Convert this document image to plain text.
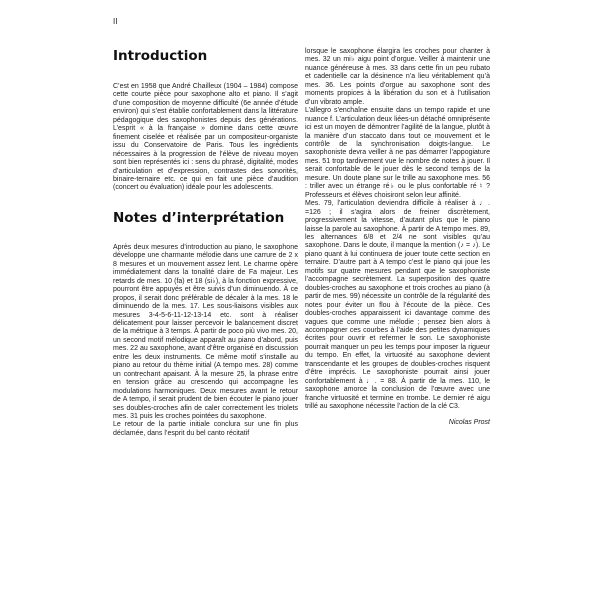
II
Introduction

C’est en 1958 que André Chailleux (1904 – 1984) compose cette courte pièce pour saxophone alto et piano. Il s’agit d’une composition de moyenne difficulté (6e année d’étude environ) qui s’est établie confortablement dans la littérature pédagogique des saxophonistes depuis des générations. L’esprit « à la française » domine dans cette œuvre finement ciselée et réalisée par un compositeur-organiste issu du Conservatoire de Paris. Tous les ingrédients nécessaires à la progression de l’élève de niveau moyen sont bien représentés ici : sens du phrasé, digitalité, modes d’articulation et d’expression, contrastes des sonorités, binaire-ternaire etc. ce qui en fait une pièce d’audition (concert ou évaluation) idéale pour les adolescents.

Notes d’interprétation

Après deux mesures d’introduction au piano, le saxophone développe une charmante mélodie dans une carrure de 2 x 8 mesures et un mouvement assez lent. Le charme opère immédiatement dans la tonalité claire de Fa majeur. Les retards de mes. 10 (fa) et 18 (si♭), à la fonction expressive, pourront être appuyés et être suivis d’un diminuendo. À ce propos, il serait donc préférable de décaler à la mes. 18 le diminuendo de la mes. 17. Les sous-liaisons visibles aux mesures 3-4-5-6-11-12-13-14 etc. sont à réaliser délicatement pour laisser percevoir le balancement discret de la métrique à 3 temps. À partir de poco più vivo mes. 20, un second motif mélodique apparaît au piano d’abord, puis mes. 22 au saxophone, avant d’être organisé en discussion entre les deux instruments. Ce même motif s’installe au piano au retour du thème initial (A tempo mes. 28) comme un contrechant apaisant. À la mesure 25, la phrase entre en tension grâce au crescendo qui accompagne les modulations harmoniques. Deux mesures avant le retour de A tempo, il serait prudent de bien écouter le piano jouer ses doubles-croches afin de caler correctement les triolets mes. 31 puis les croches pointées du saxophone.

Le retour de la partie initiale conclura sur une fin plus déclamée, dans l’esprit du bel canto récitatif

lorsque le saxophone élargira les croches pour chanter à mes. 32 un mi♭ aigu point d’orgue. Veiller à maintenir une nuance généreuse à mes. 33 dans cette fin un peu rubato et cadentielle car la désinence n’a lieu véritablement qu’à mes. 36. Les points d’orgue au saxophone sont des moments propices à la libération du son et à l’utilisation d’un vibrato ample.

L’allegro s’enchaîne ensuite dans un tempo rapide et une nuance f. L’articulation deux liées-un détaché omniprésente ici est un moyen de démontrer l’agilité de la langue, plutôt à la manière d’un staccato dans tout ce mouvement et le contrôle de la synchronisation doigts-langue. Le saxophoniste devra veiller à ne pas démarrer l’appogiature mes. 51 trop tardivement vue le nombre de notes à jouer. Il serait confortable de le jouer dès le second temps de la mesure. Un doute plane sur le trille au saxophone mes. 56 : triller avec un étrange ré♭ ou le plus confortable ré ♮ ? Professeurs et élèves choisiront selon leur affinité.

Mes. 79, l’articulation deviendra difficile à réaliser à ♩. =126 ; il s’agira alors de freiner discrètement, progressivement la vitesse, d’autant plus que le piano laisse la parole au saxophone. À partir de A tempo mes. 89, les alternances 6/8 et 2/4 ne sont visibles qu’au saxophone. Dans le doute, il manque la mention (♪ = ♪). Le piano quant à lui continuera de jouer toute cette section en ternaire. D’autre part à A tempo c’est le piano qui joue les motifs sur quatre mesures pendant que le saxophoniste l’accompagne secrètement. La superposition des quatre doubles-croches au saxophone et trois croches au piano (à partir de mes. 99) nécessite un contrôle de la régularité des notes pour éviter un flou à l’écoute de la pièce. Ces doubles-croches apparaissent ici davantage comme des vagues que comme une mélodie ; pensez bien alors à accompagner ces courbes à l’aide des petites dynamiques écrites pour ouvrir et refermer le son. Le saxophoniste pourrait manquer un peu les temps pour imposer la rigueur du tempo. En effet, la virtuosité au saxophone devient transcendante et les groupes de doubles-croches risquent d’être imprécis. Le saxophoniste pourrait ainsi jouer confortablement à ♩. = 88. À partir de la mes. 110, le saxophone amorce la conclusion de l’œuvre avec une franche virtuosité et termine en trombe. Le dernier ré aigu trillé au saxophone nécessite l’action de la clé C3.

Nicolas Prost
